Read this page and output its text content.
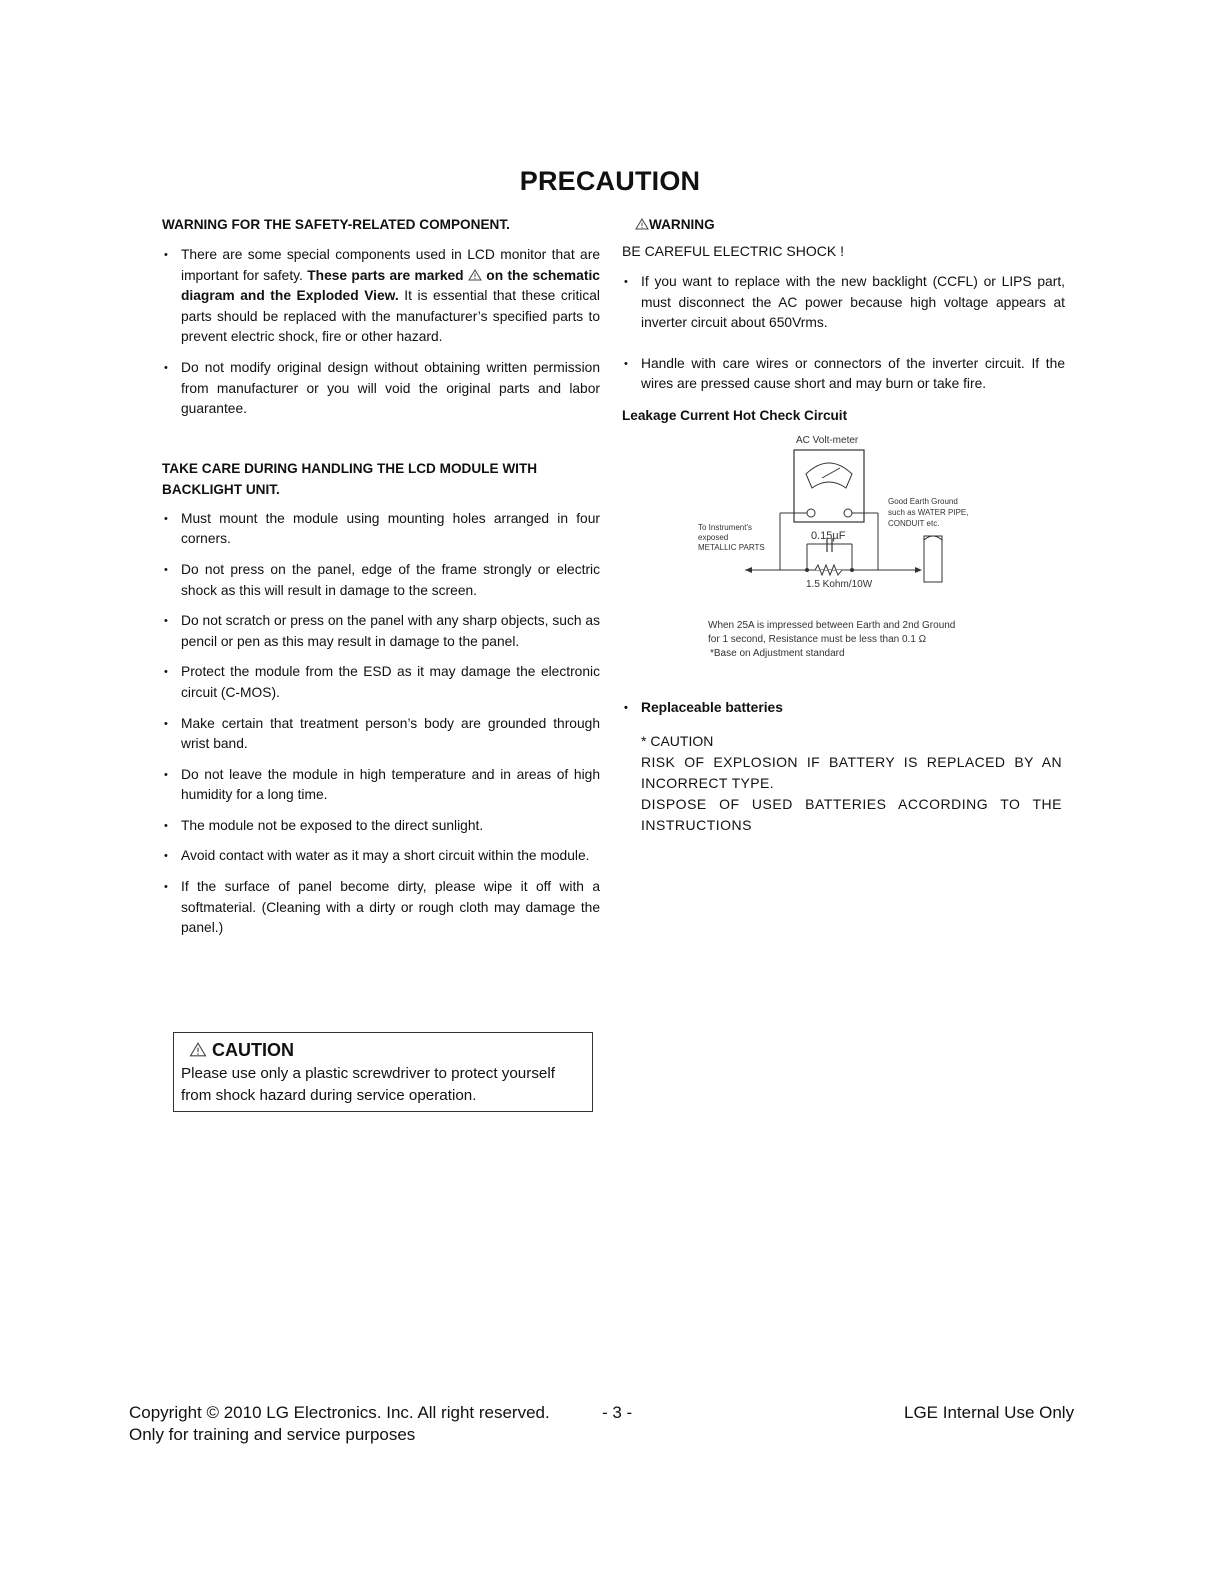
PRECAUTION
WARNING FOR THE SAFETY-RELATED COMPONENT.
• There are some special components used in LCD monitor that are important for safety. These parts are marked on the schematic diagram and the Exploded View. It is essential that these critical parts should be replaced with the manufacturer’s specified parts to prevent electric shock, fire or other hazard.
• Do not modify original design without obtaining written permission from manufacturer or you will void the original parts and labor guarantee.
TAKE CARE DURING HANDLING THE LCD MODULE WITH
BACKLIGHT UNIT.
• Must mount the module using mounting holes arranged in four corners.
• Do not press on the panel, edge of the frame strongly or electric shock as this will result in damage to the screen.
• Do not scratch or press on the panel with any sharp objects, such as pencil or pen as this may result in damage to the panel.
• Protect the module from the ESD as it may damage the electronic circuit (C-MOS).
• Make certain that treatment person’s body are grounded through wrist band.
• Do not leave the module in high temperature and in areas of high humidity for a long time.
• The module not be exposed to the direct sunlight.
• Avoid contact with water as it may a short circuit within the module.
• If the surface of panel become dirty, please wipe it off with a softmaterial. (Cleaning with a dirty or rough cloth may damage the panel.)
CAUTION
Please use only a plastic screwdriver to protect yourself from shock hazard during service operation.
WARNING
BE CAREFUL ELECTRIC SHOCK !
• If you want to replace with the new backlight (CCFL) or LIPS part, must disconnect the AC power because high voltage appears at inverter circuit about 650Vrms.
• Handle with care wires or connectors of the inverter circuit. If the wires are pressed cause short and may burn or take fire.
Leakage Current Hot Check Circuit
AC Volt-meter
Good Earth Ground
such as WATER PIPE,
CONDUIT etc.
To Instrument's
exposed
METALLIC PARTS
0.15µF
1.5 Kohm/10W
When 25A is impressed between Earth and 2nd Ground
for 1 second, Resistance must be less than 0.1 Ω
*Base on Adjustment standard
• Replaceable batteries
* CAUTION
RISK OF EXPLOSION IF BATTERY IS REPLACED BY AN INCORRECT TYPE.
DISPOSE OF USED BATTERIES ACCORDING TO THE INSTRUCTIONS
Copyright © 2010 LG Electronics. Inc. All right reserved.
Only for training and service purposes
- 3 -	LGE Internal Use Only
